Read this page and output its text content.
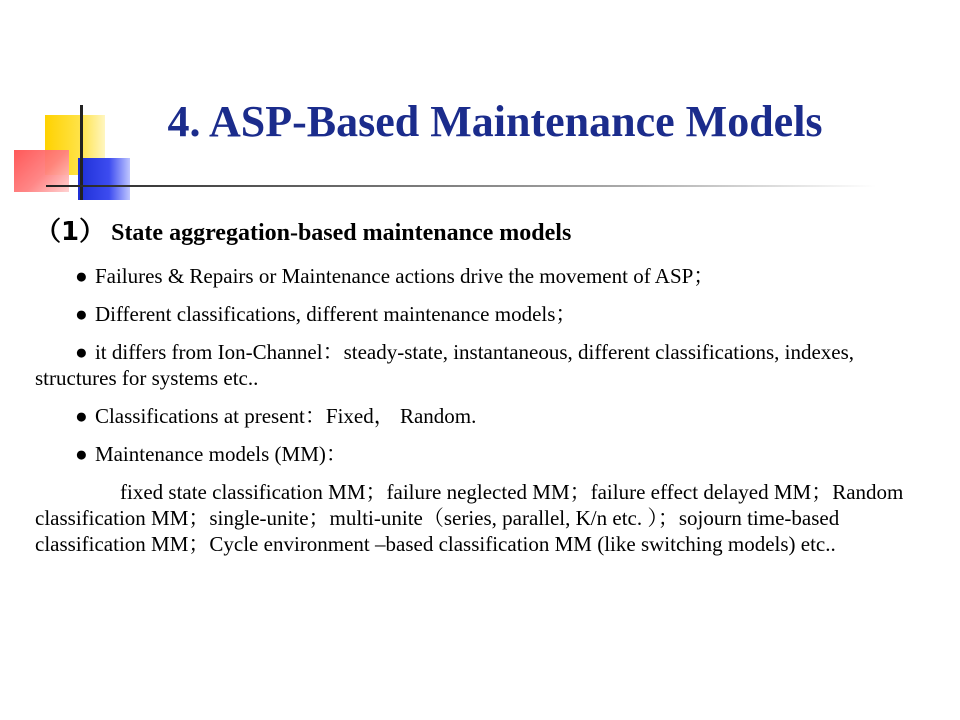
4. ASP-Based Maintenance Models
（1） State aggregation-based maintenance models
● Failures & Repairs or Maintenance actions drive the movement of ASP；
● Different classifications, different maintenance models；
● it differs from Ion-Channel：steady-state, instantaneous, different classifications, indexes, structures for systems etc..
● Classifications at present：Fixed， Random.
● Maintenance models (MM)：
fixed state classification MM；failure neglected MM；failure effect delayed MM；Random classification MM；single-unite；multi-unite（series, parallel, K/n etc. ）；sojourn time-based classification MM；Cycle environment –based classification MM (like switching models) etc..
